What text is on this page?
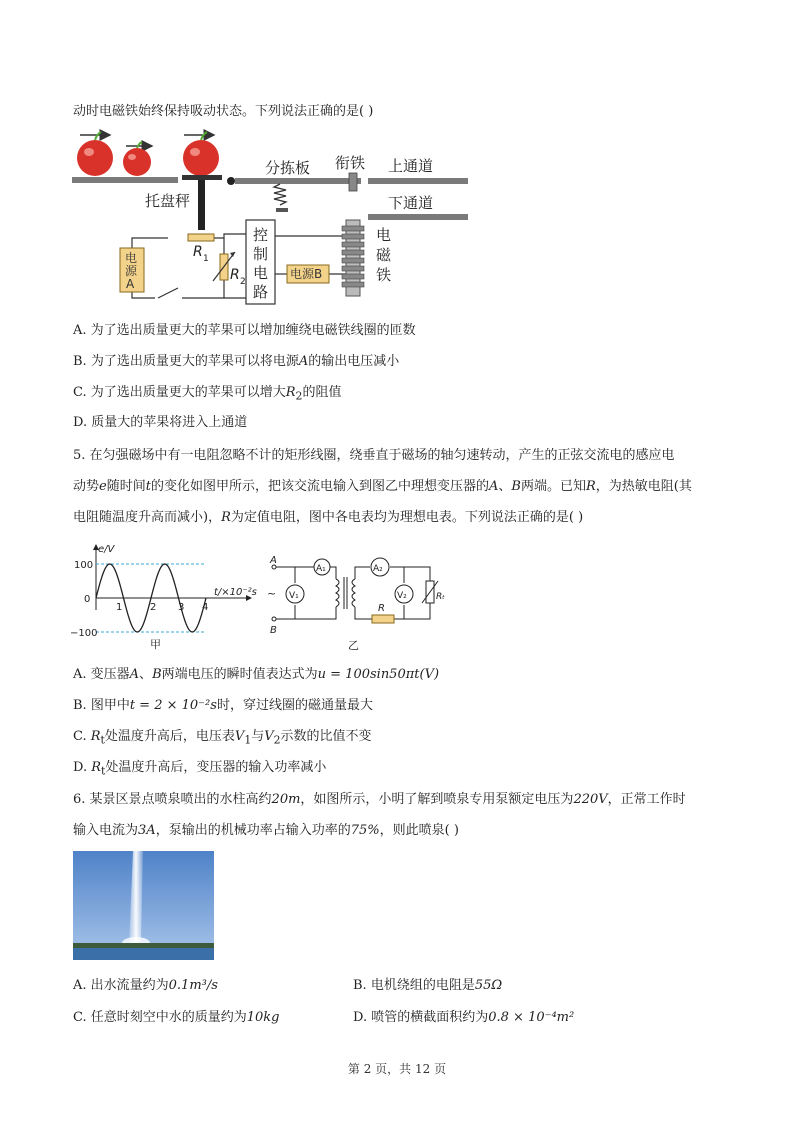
动时电磁铁始终保持吸动状态。下列说法正确的是( )
托盘秤
分拣板 衔铁 上通道
下通道
R 1
R 2
电
源
A
控
制
电
路
电源B
电
磁
铁
A. 为了选出质量更大的苹果可以增加缠绕电磁铁线圈的匝数
B. 为了选出质量更大的苹果可以将电源A的输出电压减小
C. 为了选出质量更大的苹果可以增大$R_2$的阻值
D. 质量大的苹果将进入上通道
5. 在匀强磁场中有一电阻忽略不计的矩形线圈，绕垂直于磁场的轴匀速转动，产生的正弦交流电的感应电
动势e随时间t的变化如图甲所示，把该交流电输入到图乙中理想变压器的A、B两端。已知R，为热敏电阻(其
电阻随温度升高而减小)，R为定值电阻，图中各电表均为理想电表。下列说法正确的是( )
e/V
t/×10⁻²s
100
0
−100
1	2 3 4
甲
A
B
~
A₁
V₁
A₂
V₂
R
Rₜ
乙
A. 变压器A、B两端电压的瞬时值表达式为u = 100sin50πt(V)
B. 图甲中t = 2 × 10⁻²s时，穿过线圈的磁通量最大
C. $R_t$处温度升高后，电压表$V_1$与$V_2$示数的比值不变
D. $R_t$处温度升高后，变压器的输入功率减小
6. 某景区景点喷泉喷出的水柱高约20m，如图所示，小明了解到喷泉专用泵额定电压为220V，正常工作时
输入电流为3A，泵输出的机械功率占输入功率的75%，则此喷泉( )
A. 出水流量约为0.1m³/s	B. 电机绕组的电阻是55Ω
C. 任意时刻空中水的质量约为10kg	D. 喷管的横截面积约为0.8 × 10⁻⁴m²
第 2 页，共 12 页
